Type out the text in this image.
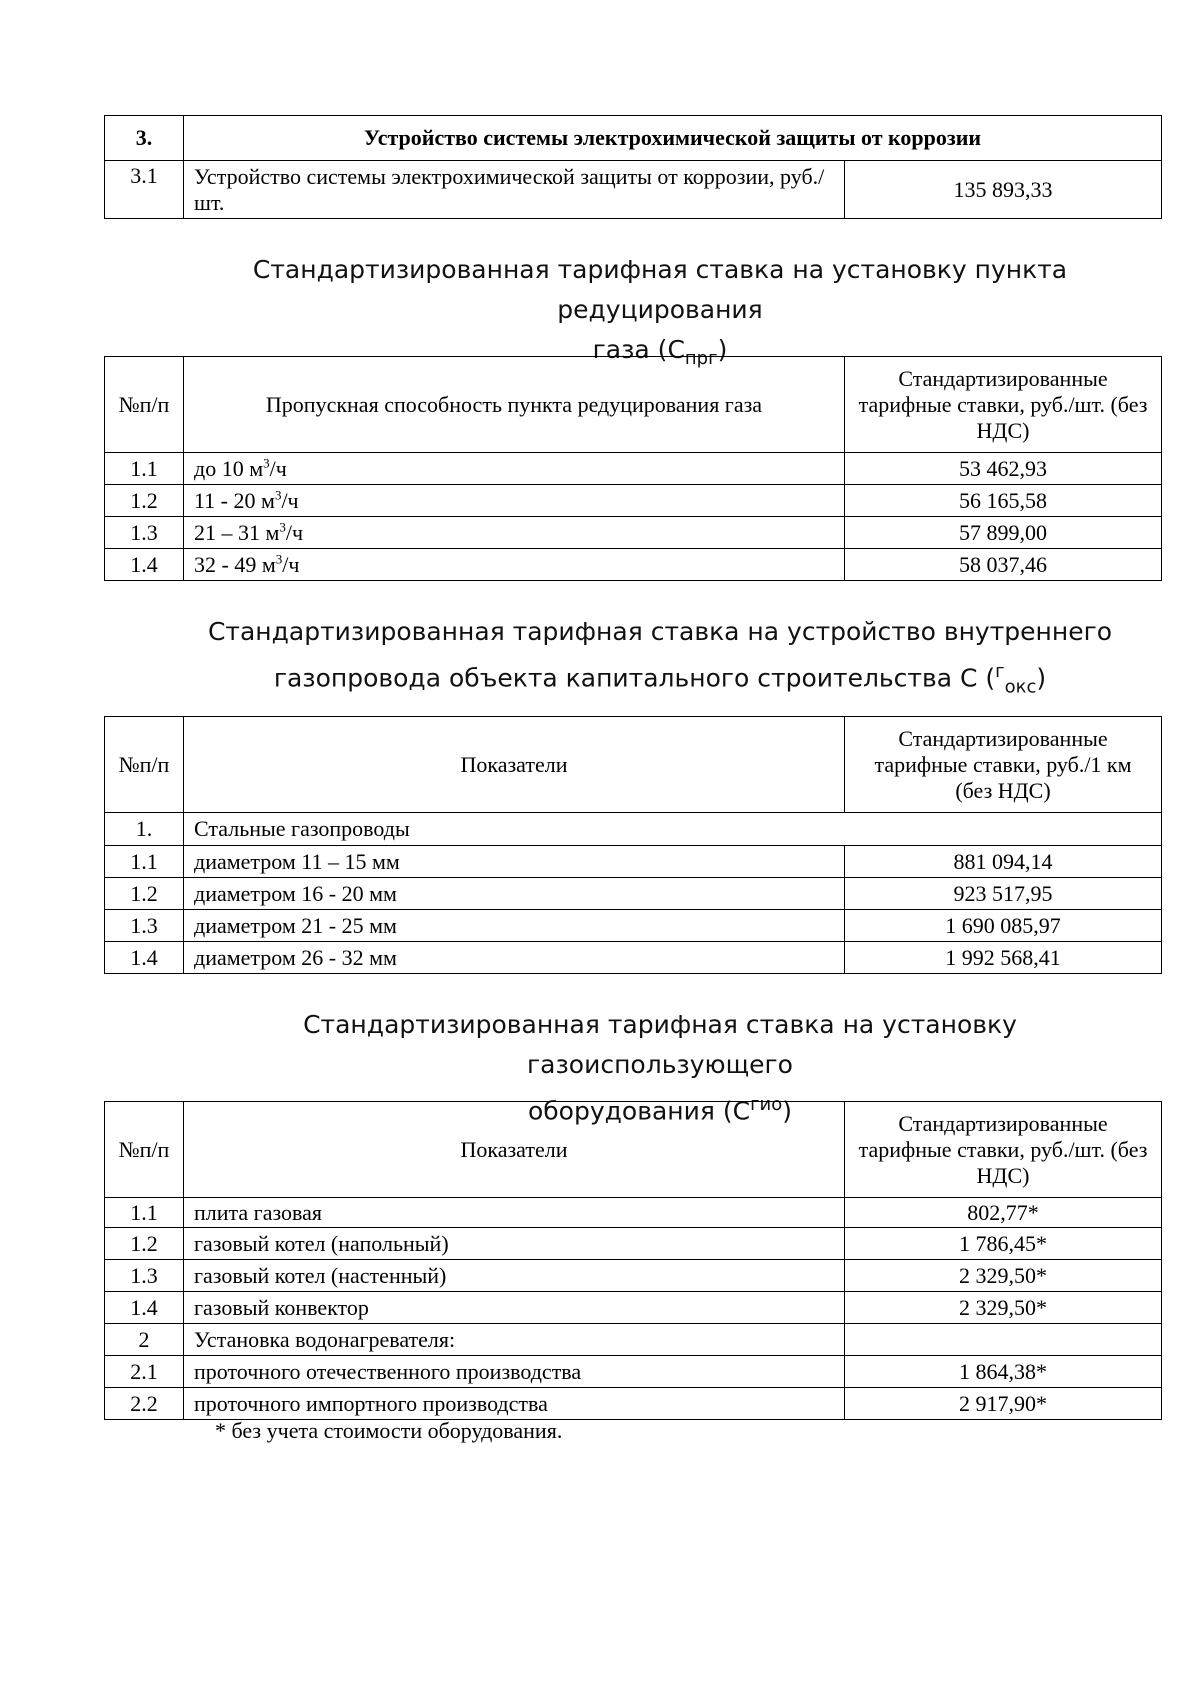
3.	Устройство системы электрохимической защиты от коррозии	
3.1	Устройство системы электрохимической защиты от коррозии, руб./шт.	135 893,33
Стандартизированная тарифная ставка на установку пункта редуцирования
газа $(С_{прг})$
№п/п	Пропускная способность пункта редуцирования газа	Стандартизированные тарифные ставки, руб./шт. (без НДС)
1.1	до 10 $м^3/ч$	53 462,93
1.2	11 - 20 $м^3/ч$	56 165,58
1.3	21 – 31 $м^3/ч$	57 899,00
1.4	32 - 49 $м^3/ч$	58 037,46
Стандартизированная тарифная ставка на устройство внутреннего
газопровода объекта капитального строительства С ($^г_{окс}$)
№п/п	Показатели	Стандартизированные тарифные ставки, руб./1 км (без НДС)
1.	Стальные газопроводы	
1.1	диаметром 11 – 15 мм	881 094,14
1.2	диаметром 16 - 20 мм	923 517,95
1.3	диаметром 21 - 25 мм	1 690 085,97
1.4	диаметром 26 - 32 мм	1 992 568,41
Стандартизированная тарифная ставка на установку газоиспользующего
оборудования $(С^{гио})$
№п/п	Показатели	Стандартизированные тарифные ставки, руб./шт. (без НДС)
1.1	плита газовая	802,77*
1.2	газовый котел (напольный)	1 786,45*
1.3	газовый котел (настенный)	2 329,50*
1.4	газовый конвектор	2 329,50*
2	Установка водонагревателя:	
2.1	проточного отечественного производства	1 864,38*
2.2	проточного импортного производства	2 917,90*
* без учета стоимости оборудования.
